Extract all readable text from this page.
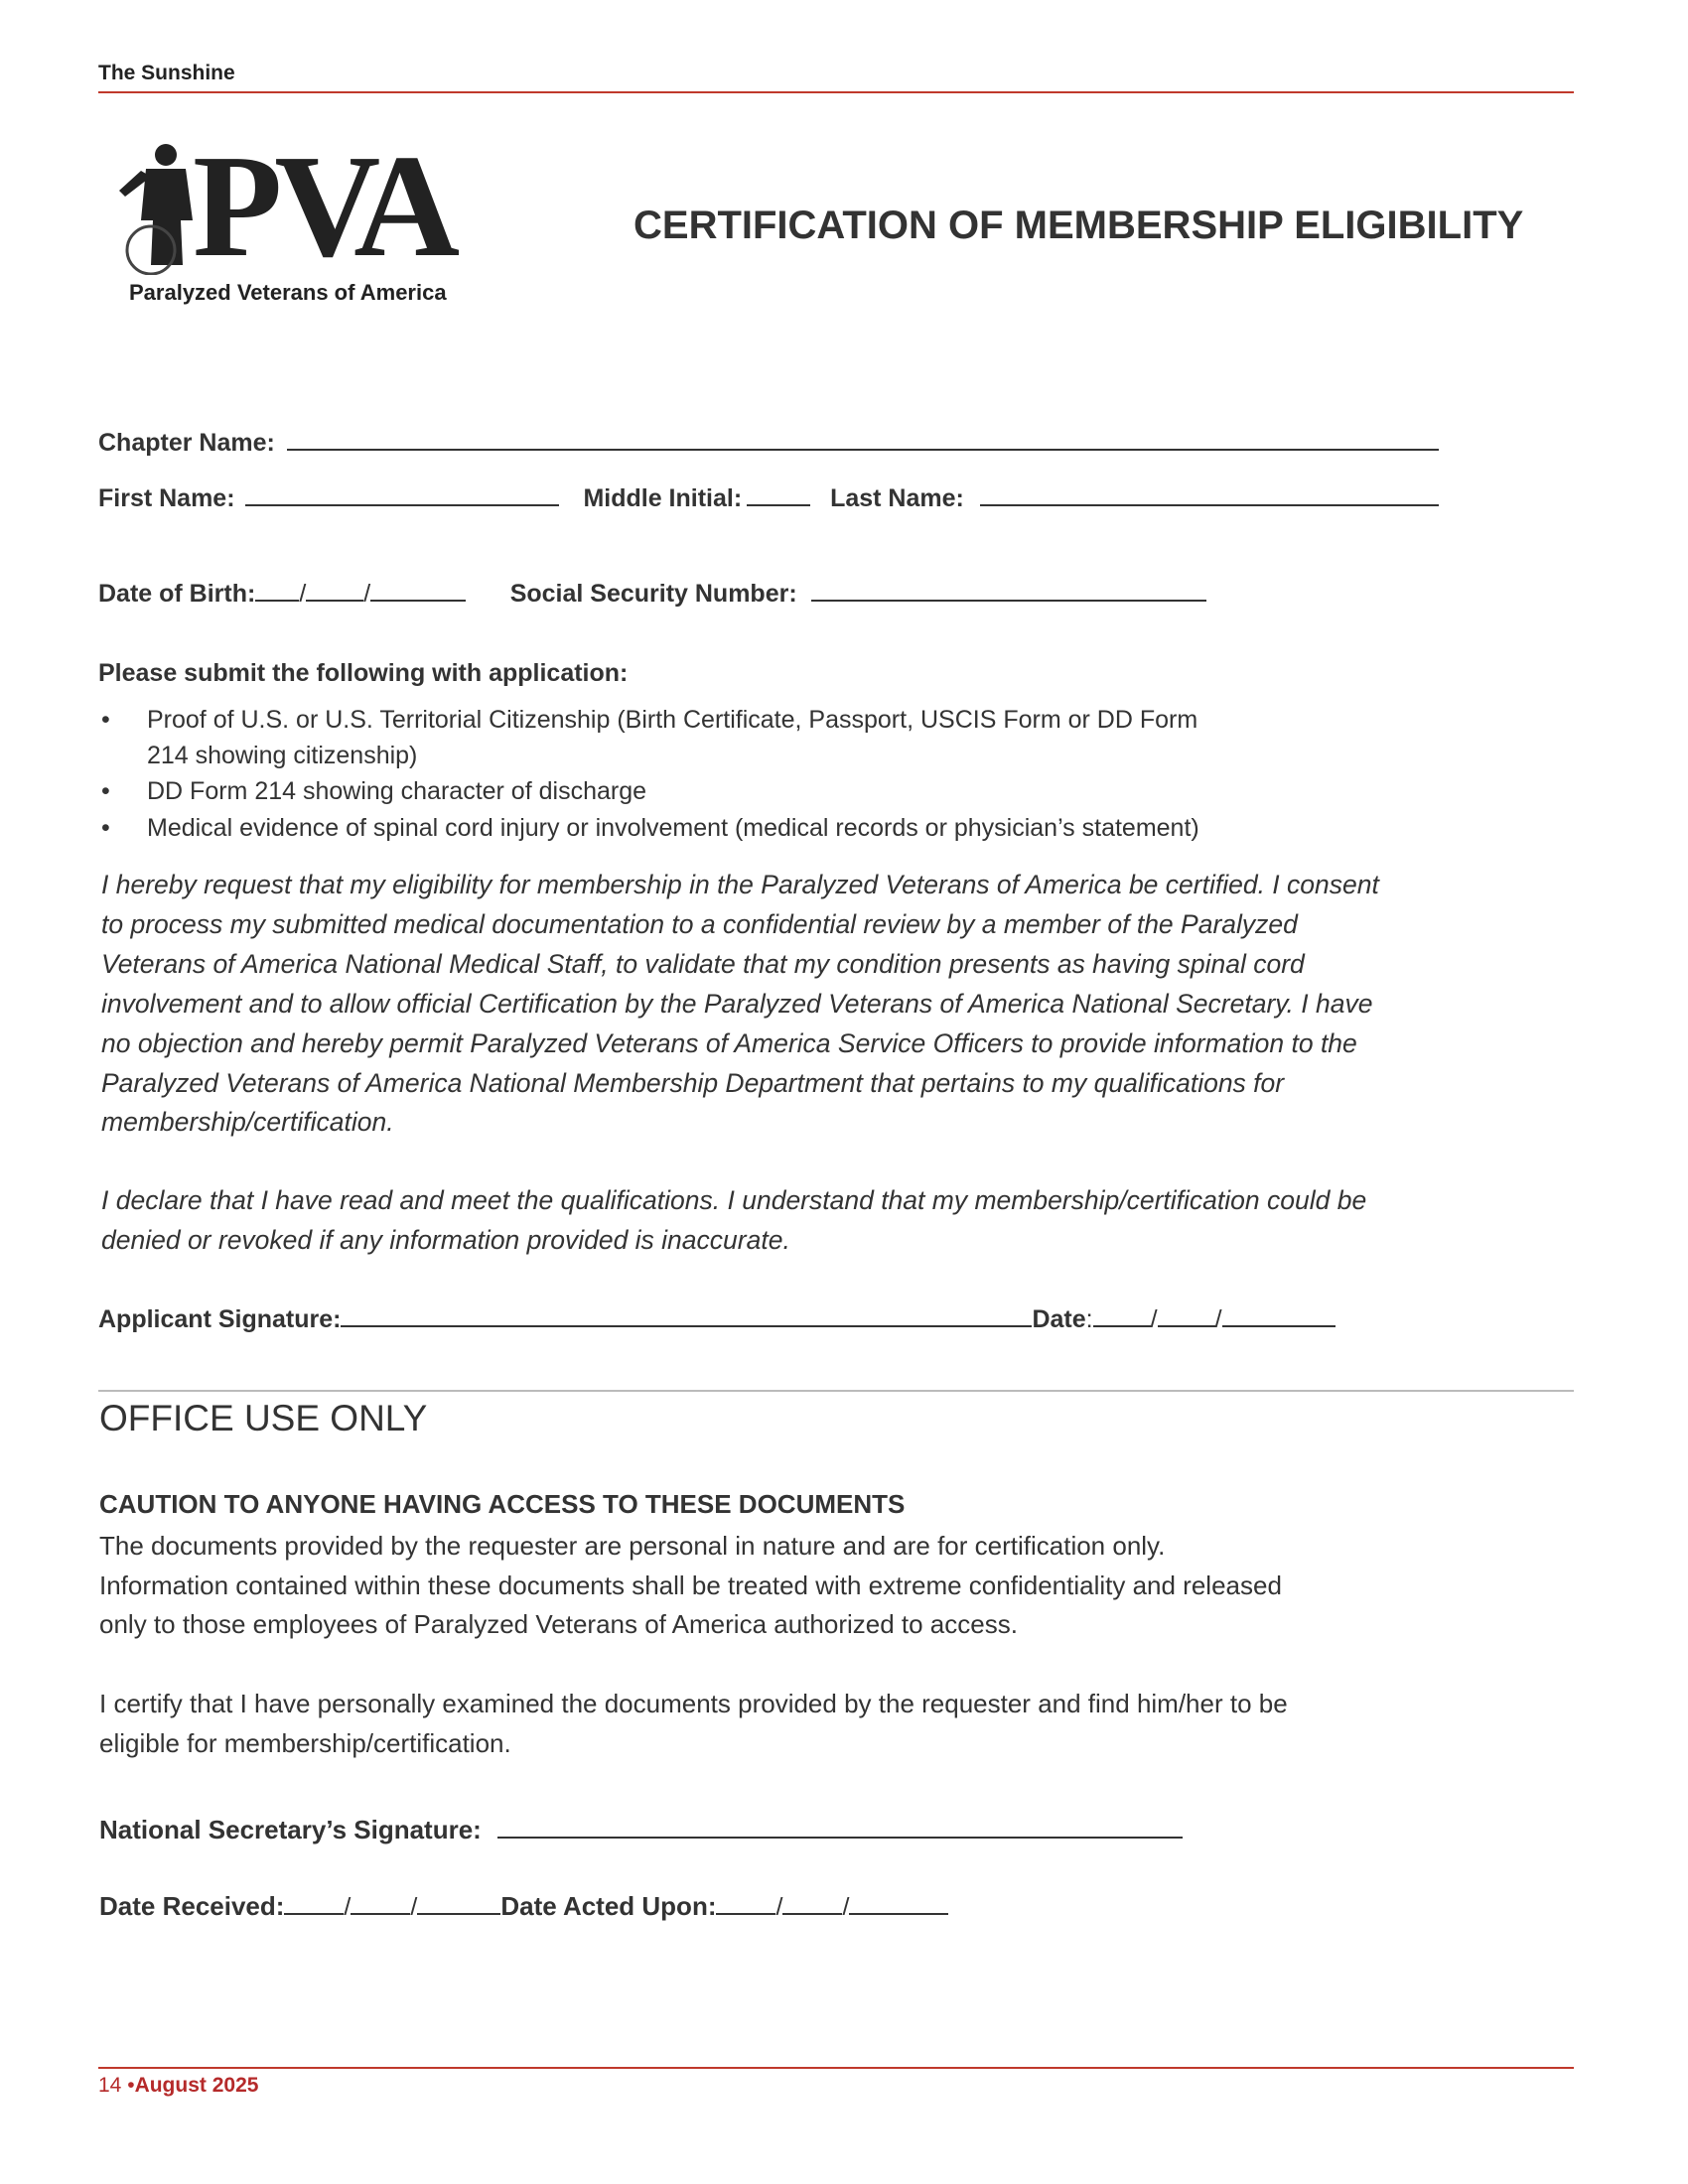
The Sunshine
PVA
Paralyzed Veterans of America
CERTIFICATION OF MEMBERSHIP ELIGIBILITY
Chapter Name:
First Name:	Middle Initial:	Last Name:
Date of Birth: / /	Social Security Number:
Please submit the following with application:
• Proof of U.S. or U.S. Territorial Citizenship (Birth Certificate, Passport, USCIS Form or DD Form
214 showing citizenship)
• DD Form 214 showing character of discharge
• Medical evidence of spinal cord injury or involvement (medical records or physician’s statement)
I hereby request that my eligibility for membership in the Paralyzed Veterans of America be certified. I consent
to process my submitted medical documentation to a confidential review by a member of the Paralyzed
Veterans of America National Medical Staff, to validate that my condition presents as having spinal cord
involvement and to allow official Certification by the Paralyzed Veterans of America National Secretary. I have
no objection and hereby permit Paralyzed Veterans of America Service Officers to provide information to the
Paralyzed Veterans of America National Membership Department that pertains to my qualifications for
membership/certification.
I declare that I have read and meet the qualifications. I understand that my membership/certification could be
denied or revoked if any information provided is inaccurate.
Applicant Signature:	Date: / /
OFFICE USE ONLY
CAUTION TO ANYONE HAVING ACCESS TO THESE DOCUMENTS
The documents provided by the requester are personal in nature and are for certification only.
Information contained within these documents shall be treated with extreme confidentiality and released
only to those employees of Paralyzed Veterans of America authorized to access.
I certify that I have personally examined the documents provided by the requester and find him/her to be
eligible for membership/certification.
National Secretary’s Signature:
Date Received: / /	Date Acted Upon: / /
14 •August 2025
